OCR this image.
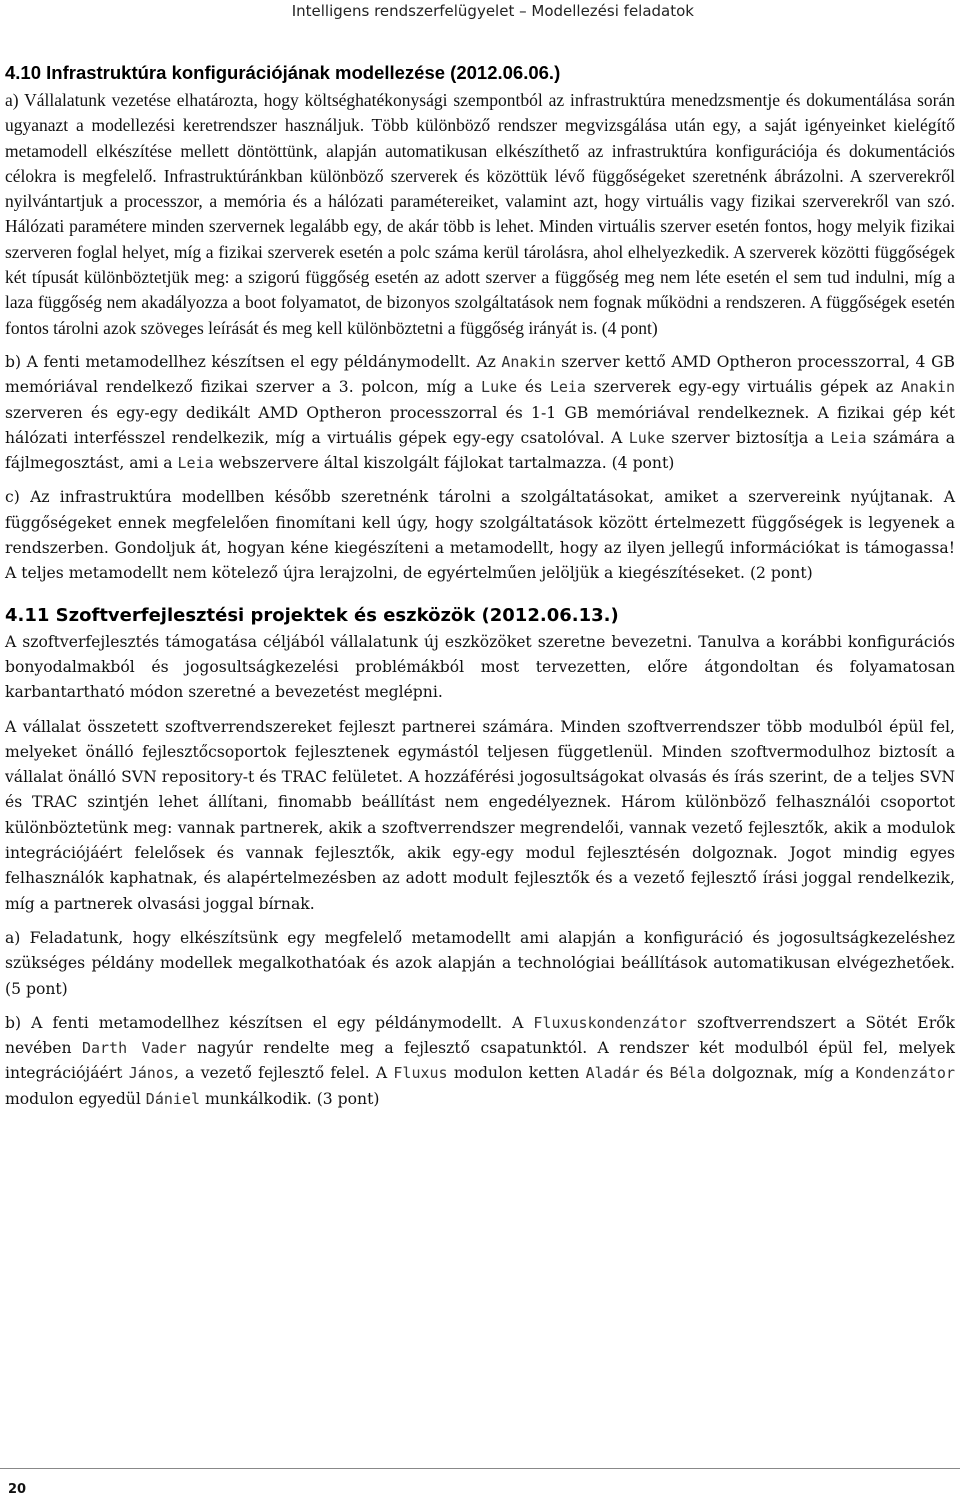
Intelligens rendszerfelügyelet – Modellezési feladatok
4.10 Infrastruktúra konfigurációjának modellezése (2012.06.06.)

a) Vállalatunk vezetése elhatározta, hogy költséghatékonysági szempontból az infrastruktúra menedzsmentje és dokumentálása során ugyanazt a modellezési keretrendszer használjuk. Több különböző rendszer megvizsgálása után egy, a saját igényeinket kielégítő metamodell elkészítése mellett döntöttünk, alapján automatikusan elkészíthető az infrastruktúra konfigurációja és dokumentációs célokra is megfelelő. Infrastruktúránkban különböző szerverek és közöttük lévő függőségeket szeretnénk ábrázolni. A szerverekről nyilvántartjuk a processzor, a memória és a hálózati paramétereiket, valamint azt, hogy virtuális vagy fizikai szerverekről van szó. Hálózati paramétere minden szervernek legalább egy, de akár több is lehet. Minden virtuális szerver esetén fontos, hogy melyik fizikai szerveren foglal helyet, míg a fizikai szerverek esetén a polc száma kerül tárolásra, ahol elhelyezkedik. A szerverek közötti függőségek két típusát különböztetjük meg: a szigorú függőség esetén az adott szerver a függőség meg nem léte esetén el sem tud indulni, míg a laza függőség nem akadályozza a boot folyamatot, de bizonyos szolgáltatások nem fognak működni a rendszeren. A függőségek esetén fontos tárolni azok szöveges leírását és meg kell különböztetni a függőség irányát is. (4 pont)

b) A fenti metamodellhez készítsen el egy példánymodellt. Az Anakin szerver kettő AMD Optheron processzorral, 4 GB memóriával rendelkező fizikai szerver a 3. polcon, míg a Luke és Leia szerverek egy-egy virtuális gépek az Anakin szerveren és egy-egy dedikált AMD Optheron processzorral és 1-1 GB memóriával rendelkeznek. A fizikai gép két hálózati interfésszel rendelkezik, míg a virtuális gépek egy-egy csatolóval. A Luke szerver biztosítja a Leia számára a fájlmegosztást, ami a Leia webszervere által kiszolgált fájlokat tartalmazza. (4 pont)

c) Az infrastruktúra modellben később szeretnénk tárolni a szolgáltatásokat, amiket a szervereink nyújtanak. A függőségeket ennek megfelelően finomítani kell úgy, hogy szolgáltatások között értelmezett függőségek is legyenek a rendszerben. Gondoljuk át, hogyan kéne kiegészíteni a metamodellt, hogy az ilyen jellegű információkat is támogassa! A teljes metamodellt nem kötelező újra lerajzolni, de egyértelműen jelöljük a kiegészítéseket. (2 pont)

4.11 Szoftverfejlesztési projektek és eszközök (2012.06.13.)

A szoftverfejlesztés támogatása céljából vállalatunk új eszközöket szeretne bevezetni. Tanulva a korábbi konfigurációs bonyodalmakból és jogosultságkezelési problémákból most tervezetten, előre átgondoltan és folyamatosan karbantartható módon szeretné a bevezetést meglépni.

A vállalat összetett szoftverrendszereket fejleszt partnerei számára. Minden szoftverrendszer több modulból épül fel, melyeket önálló fejlesztőcsoportok fejlesztenek egymástól teljesen függetlenül. Minden szoftvermodulhoz biztosít a vállalat önálló SVN repository-t és TRAC felületet. A hozzáférési jogosultságokat olvasás és írás szerint, de a teljes SVN és TRAC szintjén lehet állítani, finomabb beállítást nem engedélyeznek. Három különböző felhasználói csoportot különböztetünk meg: vannak partnerek, akik a szoftverrendszer megrendelői, vannak vezető fejlesztők, akik a modulok integrációjáért felelősek és vannak fejlesztők, akik egy-egy modul fejlesztésén dolgoznak. Jogot mindig egyes felhasználók kaphatnak, és alapértelmezésben az adott modult fejlesztők és a vezető fejlesztő írási joggal rendelkezik, míg a partnerek olvasási joggal bírnak.

a) Feladatunk, hogy elkészítsünk egy megfelelő metamodellt ami alapján a konfiguráció és jogosultságkezeléshez szükséges példány modellek megalkothatóak és azok alapján a technológiai beállítások automatikusan elvégezhetőek. (5 pont)

b) A fenti metamodellhez készítsen el egy példánymodellt. A Fluxuskondenzátor szoftverrendszert a Sötét Erők nevében Darth Vader nagyúr rendelte meg a fejlesztő csapatunktól. A rendszer két modulból épül fel, melyek integrációjáért János, a vezető fejlesztő felel. A Fluxus modulon ketten Aladár és Béla dolgoznak, míg a Kondenzátor modulon egyedül Dániel munkálkodik. (3 pont)

20
